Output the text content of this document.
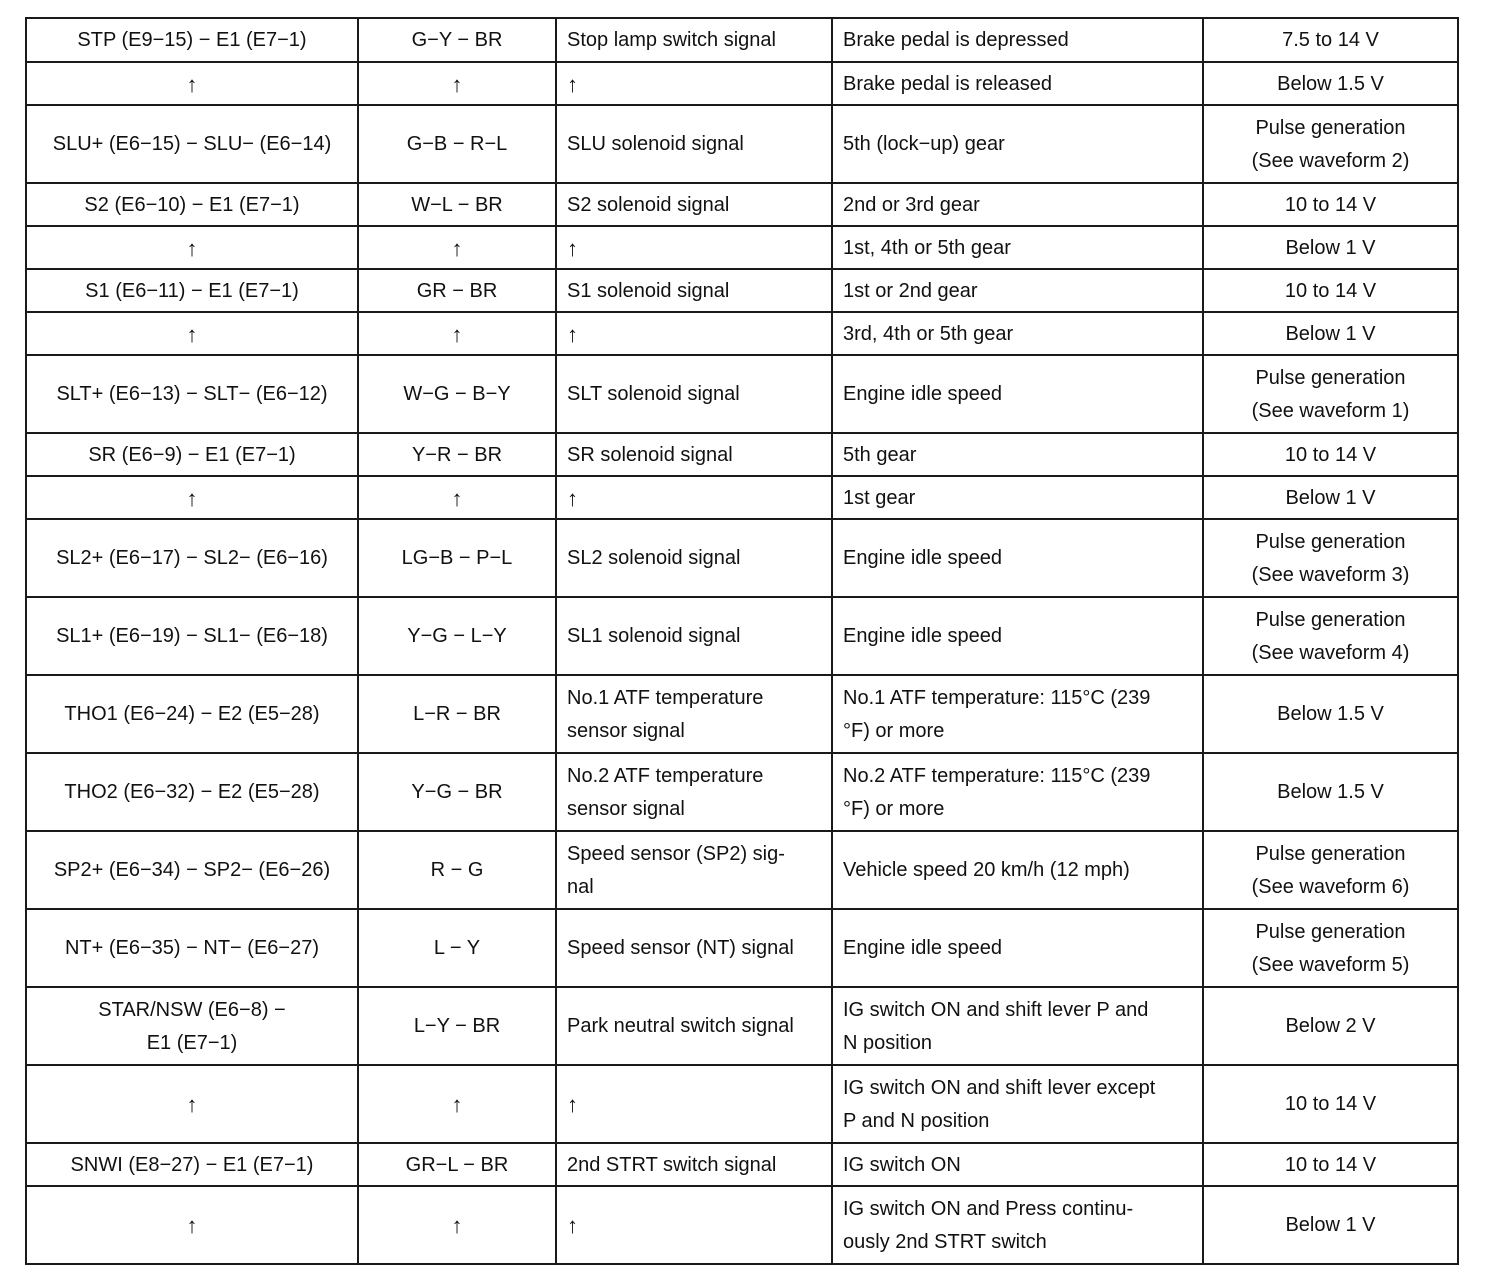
STP (E9−15) − E1 (E7−1)	G−Y − BR	Stop lamp switch signal	Brake pedal is depressed	7.5 to 14 V

↑	↑	↑	Brake pedal is released	Below 1.5 V

SLU+ (E6−15) − SLU− (E6−14)	G−B − R−L	SLU solenoid signal	5th (lock−up) gear	Pulse generation
(See waveform 2)

S2 (E6−10) − E1 (E7−1)	W−L − BR	S2 solenoid signal	2nd or 3rd gear	10 to 14 V

↑	↑	↑	1st, 4th or 5th gear	Below 1 V

S1 (E6−11) − E1 (E7−1)	GR − BR	S1 solenoid signal	1st or 2nd gear	10 to 14 V

↑	↑	↑	3rd, 4th or 5th gear	Below 1 V

SLT+ (E6−13) − SLT− (E6−12)	W−G − B−Y	SLT solenoid signal	Engine idle speed	Pulse generation
(See waveform 1)

SR (E6−9) − E1 (E7−1)	Y−R − BR	SR solenoid signal	5th gear	10 to 14 V

↑	↑	↑	1st gear	Below 1 V

SL2+ (E6−17) − SL2− (E6−16)	LG−B − P−L	SL2 solenoid signal	Engine idle speed	Pulse generation
(See waveform 3)

SL1+ (E6−19) − SL1− (E6−18)	Y−G − L−Y	SL1 solenoid signal	Engine idle speed	Pulse generation
(See waveform 4)

THO1 (E6−24) − E2 (E5−28)	L−R − BR	No.1 ATF temperature
sensor signal	No.1 ATF temperature: 115°C (239
°F) or more	Below 1.5 V

THO2 (E6−32) − E2 (E5−28)	Y−G − BR	No.2 ATF temperature
sensor signal	No.2 ATF temperature: 115°C (239
°F) or more	Below 1.5 V

SP2+ (E6−34) − SP2− (E6−26)	R − G	Speed sensor (SP2) sig-
nal	Vehicle speed 20 km/h (12 mph)	Pulse generation
(See waveform 6)

NT+ (E6−35) − NT− (E6−27)	L − Y	Speed sensor (NT) signal	Engine idle speed	Pulse generation
(See waveform 5)

STAR/NSW (E6−8) −
E1 (E7−1)	L−Y − BR	Park neutral switch signal	IG switch ON and shift lever P and
N position	Below 2 V

↑	↑	↑	IG switch ON and shift lever except
P and N position	10 to 14 V

SNWI (E8−27) − E1 (E7−1)	GR−L − BR	2nd STRT switch signal	IG switch ON	10 to 14 V

↑	↑	↑	IG switch ON and Press continu-
ously 2nd STRT switch	Below 1 V
